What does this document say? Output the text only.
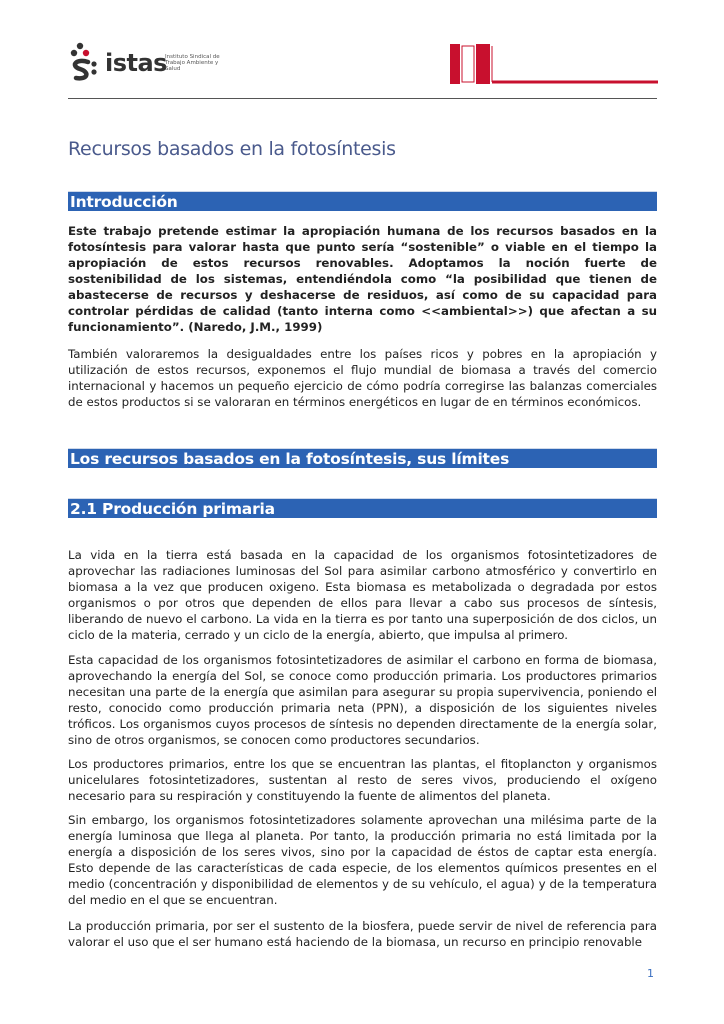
istas
Instituto Sindical de Trabajo Ambiente y Salud
Recursos basados en la fotosíntesis
Introducción

Este trabajo pretende estimar la apropiación humana de los recursos basados en la fotosíntesis para valorar hasta que punto sería “sostenible” o viable en el tiempo la apropiación de estos recursos renovables. Adoptamos la noción fuerte de sostenibilidad de los sistemas, entendiéndola como “la posibilidad que tienen de abastecerse de recursos y deshacerse de residuos, así como de su capacidad para controlar pérdidas de calidad (tanto interna como <<ambiental>>) que afectan a su funcionamiento”. (Naredo, J.M., 1999)

También valoraremos la desigualdades entre los países ricos y pobres en la apropiación y utilización de estos recursos, exponemos el flujo mundial de biomasa a través del comercio internacional y hacemos un pequeño ejercicio de cómo podría corregirse las balanzas comerciales de estos productos si se valoraran en términos energéticos en lugar de en términos económicos.

Los recursos basados en la fotosíntesis, sus límites
2.1 Producción primaria

La vida en la tierra está basada en la capacidad de los organismos fotosintetizadores de aprovechar las radiaciones luminosas del Sol para asimilar carbono atmosférico y convertirlo en biomasa a la vez que producen oxigeno. Esta biomasa es metabolizada o degradada por estos organismos o por otros que dependen de ellos para llevar a cabo sus procesos de síntesis, liberando de nuevo el carbono. La vida en la tierra es por tanto una superposición de dos ciclos, un ciclo de la materia, cerrado y un ciclo de la energía, abierto, que impulsa al primero.

Esta capacidad de los organismos fotosintetizadores de asimilar el carbono en forma de biomasa, aprovechando la energía del Sol, se conoce como producción primaria. Los productores primarios necesitan una parte de la energía que asimilan para asegurar su propia supervivencia, poniendo el resto, conocido como producción primaria neta (PPN), a disposición de los siguientes niveles tróficos. Los organismos cuyos procesos de síntesis no dependen directamente de la energía solar, sino de otros organismos, se conocen como productores secundarios.

Los productores primarios, entre los que se encuentran las plantas, el fitoplancton y organismos unicelulares fotosintetizadores, sustentan al resto de seres vivos, produciendo el oxígeno necesario para su respiración y constituyendo la fuente de alimentos del planeta.

Sin embargo, los organismos fotosintetizadores solamente aprovechan una milésima parte de la energía luminosa que llega al planeta. Por tanto, la producción primaria no está limitada por la energía a disposición de los seres vivos, sino por la capacidad de éstos de captar esta energía. Esto depende de las características de cada especie, de los elementos químicos presentes en el medio (concentración y disponibilidad de elementos y de su vehículo, el agua) y de la temperatura del medio en el que se encuentran.

La producción primaria, por ser el sustento de la biosfera, puede servir de nivel de referencia para valorar el uso que el ser humano está haciendo de la biomasa, un recurso en principio renovable

1
